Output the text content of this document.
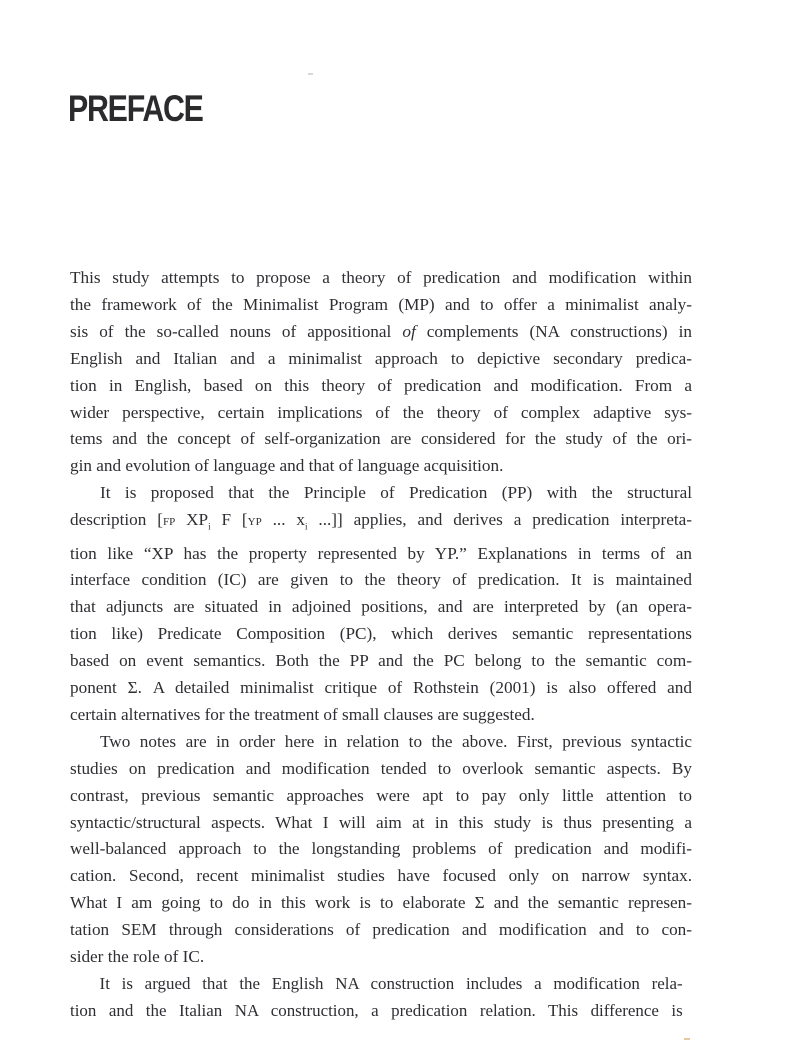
PREFACE
This study attempts to propose a theory of predication and modification within
the framework of the Minimalist Program (MP) and to offer a minimalist analy-
sis of the so-called nouns of appositional of complements (NA constructions) in
English and Italian and a minimalist approach to depictive secondary predica-
tion in English, based on this theory of predication and modification. From a
wider perspective, certain implications of the theory of complex adaptive sys-
tems and the concept of self-organization are considered for the study of the ori-
gin and evolution of language and that of language acquisition.
It is proposed that the Principle of Predication (PP) with the structural
description [FP $XP_i$ F [YP ... $x_i$ ...]] applies, and derives a predication interpreta-
tion like “XP has the property represented by YP.” Explanations in terms of an
interface condition (IC) are given to the theory of predication. It is maintained
that adjuncts are situated in adjoined positions, and are interpreted by (an opera-
tion like) Predicate Composition (PC), which derives semantic representations
based on event semantics. Both the PP and the PC belong to the semantic com-
ponent Σ. A detailed minimalist critique of Rothstein (2001) is also offered and
certain alternatives for the treatment of small clauses are suggested.
Two notes are in order here in relation to the above. First, previous syntactic
studies on predication and modification tended to overlook semantic aspects. By
contrast, previous semantic approaches were apt to pay only little attention to
syntactic/structural aspects. What I will aim at in this study is thus presenting a
well-balanced approach to the longstanding problems of predication and modifi-
cation. Second, recent minimalist studies have focused only on narrow syntax.
What I am going to do in this work is to elaborate Σ and the semantic represen-
tation SEM through considerations of predication and modification and to con-
sider the role of IC.
It is argued that the English NA construction includes a modification rela-
tion and the Italian NA construction, a predication relation. This difference is
